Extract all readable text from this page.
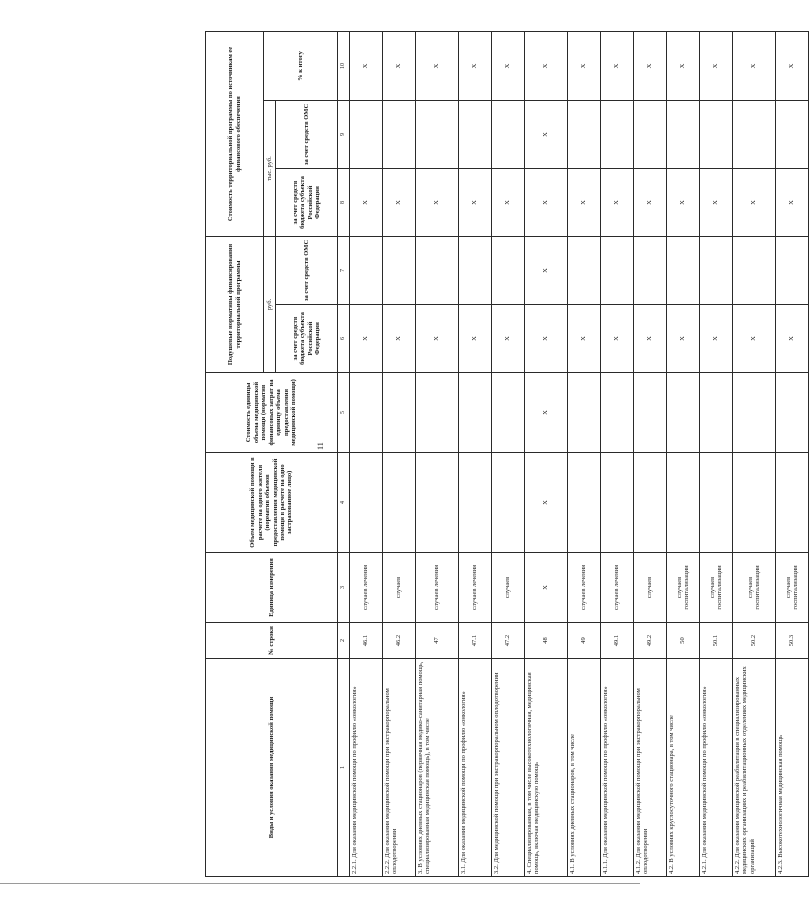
11
Виды и условия оказания медицинской помощи	№ строки	Единица измерения	Объем медицинской помощи в расчете на одного жителя (норматив объемов предоставления медицинской помощи в расчете на одно застрахованное лицо)	Стоимость единицы объема медицинской помощи (норматив финансовых затрат на единицу объема предоставления медицинской помощи)	Подушевые нормативы финансирования территориальной программы		Стоимость территориальной программы по источникам ее финансового обеспечения		
					руб.		тыс. руб.		% к итогу
					за счет средств бюджета субъекта Российской Федерации	за счет средств ОМС	за счет средств бюджета субъекта Российской Федерации	за счет средств ОМС	
1	2	3	4	5	6	7	8	9	10
2.2.1. Для оказания медицинской помощи по профилю «онкология»	46.1	случаев лечения			X		X		X
2.2.2. Для оказания медицинской помощи при экстракорпоральном оплодотворении	46.2	случаев			X		X		X
3. В условиях дневных стационаров (первичная медико-санитарная помощь, специализированная медицинская помощь), в том числе	47	случаев лечения			X		X		X
3.1. Для оказания медицинской помощи по профилю «онкология»	47.1	случаев лечения			X		X		X
3.2. Для медицинской помощи при экстракорпоральном оплодотворении	47.2	случаев			X		X		X
4. Специализированная, в том числе высокотехнологичная, медицинская помощь, включая медицинскую помощь	48	X	X	X	X	X	X	X	X
4.1. В условиях дневных стационаров, в том числе	49	случаев лечения			X		X		X
4.1.1. Для оказания медицинской помощи по профилю «онкология»	49.1	случаев лечения			X		X		X
4.1.2. Для оказания медицинской помощи при экстракорпоральном оплодотворении	49.2	случаев			X		X		X
4.2. В условиях круглосуточного стационара, в том числе	50	случаев госпитализации			X		X		X
4.2.1. Для оказания медицинской помощи по профилю «онкология»	50.1	случаев госпитализации			X		X		X
4.2.2. Для оказания медицинской реабилитации в специализированных медицинских организациях и реабилитационных отделениях медицинских организаций	50.2	случаев госпитализации			X		X		X
4.2.3. Высокотехнологичная медицинская помощь	50.3	случаев госпитализации			X		X		X
